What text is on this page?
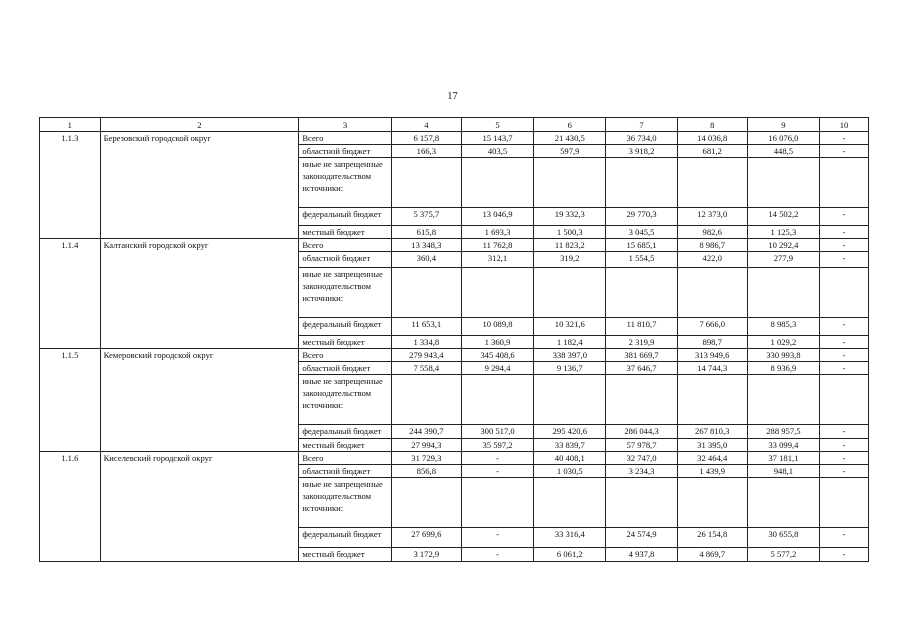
17
1	2	3	4	5	6	7	8	9	10
1.1.3	Березовский городской округ	Всего	6 157,8	15 143,7	21 430,5	36 734,0	14 036,8	16 076,0	-
		областной бюджет	166,3	403,5	597,9	3 918,2	681,2	448,5	-
		иные не запрещенные законодательством источники:							
		федеральный бюджет	5 375,7	13 046,9	19 332,3	29 770,3	12 373,0	14 502,2	-
		местный бюджет	615,8	1 693,3	1 500,3	3 045,5	982,6	1 125,3	-
1.1.4	Калтанский городской округ	Всего	13 348,3	11 762,8	11 823,2	15 685,1	8 986,7	10 292,4	-
		областной бюджет	360,4	312,1	319,2	1 554,5	422,0	277,9	-
		иные не запрещенные законодательством источники:							
		федеральный бюджет	11 653,1	10 089,8	10 321,6	11 810,7	7 666,0	8 985,3	-
		местный бюджет	1 334,8	1 360,9	1 182,4	2 319,9	898,7	1 029,2	-
1.1.5	Кемеровский городской округ	Всего	279 943,4	345 408,6	338 397,0	381 669,7	313 949,6	330 993,8	-
		областной бюджет	7 558,4	9 294,4	9 136,7	37 646,7	14 744,3	8 936,9	-
		иные не запрещенные законодательством источники:							
		федеральный бюджет	244 390,7	300 517,0	295 420,6	286 044,3	267 810,3	288 957,5	-
		местный бюджет	27 994,3	35 597,2	33 839,7	57 978,7	31 395,0	33 099,4	-
1.1.6	Киселевский городской округ	Всего	31 729,3	-	40 408,1	32 747,0	32 464,4	37 181,1	-
		областной бюджет	856,8	-	1 030,5	3 234,3	1 439,9	948,1	-
		иные не запрещенные законодательством источники:							
		федеральный бюджет	27 699,6	-	33 316,4	24 574,9	26 154,8	30 655,8	-
		местный бюджет	3 172,9	-	6 061,2	4 937,8	4 869,7	5 577,2	-
